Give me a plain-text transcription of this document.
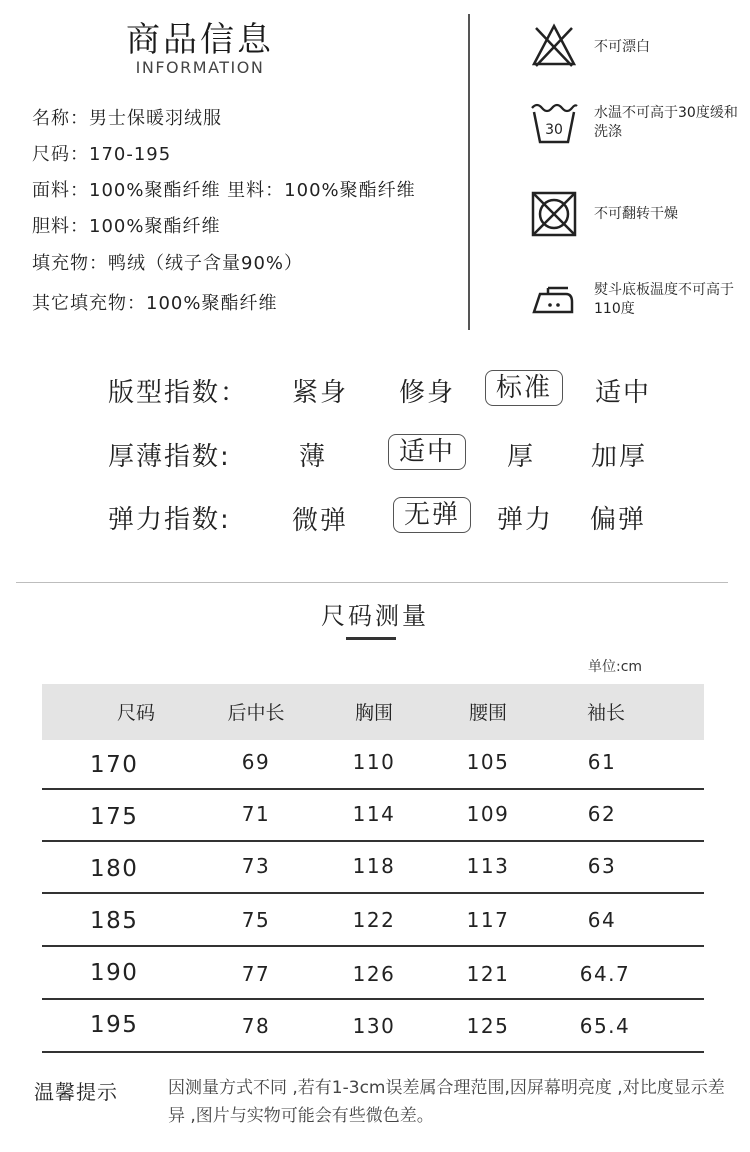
商品信息
INFORMATION
名称：男士保暖羽绒服
尺码：170-195
面料：100%聚酯纤维 里料：100%聚酯纤维
胆料：100%聚酯纤维
填充物：鸭绒（绒子含量90%）
其它填充物：100%聚酯纤维
不可漂白
30
水温不可高于30度缓和洗涤
不可翻转干燥
熨斗底板温度不可高于110度
版型指数：	紧身	修身	标准	适中
厚薄指数:	薄	适中	厚	加厚
弹力指数:	微弹	无弹	弹力	偏弹
尺码测量
单位:cm
尺码	后中长	胸围	腰围	袖长
170	69	110	105	61
175	71	114	109	62
180	73	118	113	63
185	75	122	117	64
190	77	126	121	64.7
195	78	130	125	65.4
温馨提示	因测量方式不同 ,若有1-3cm误差属合理范围,因屏幕明亮度 ,对比度显示差异 ,图片与实物可能会有些微色差。
